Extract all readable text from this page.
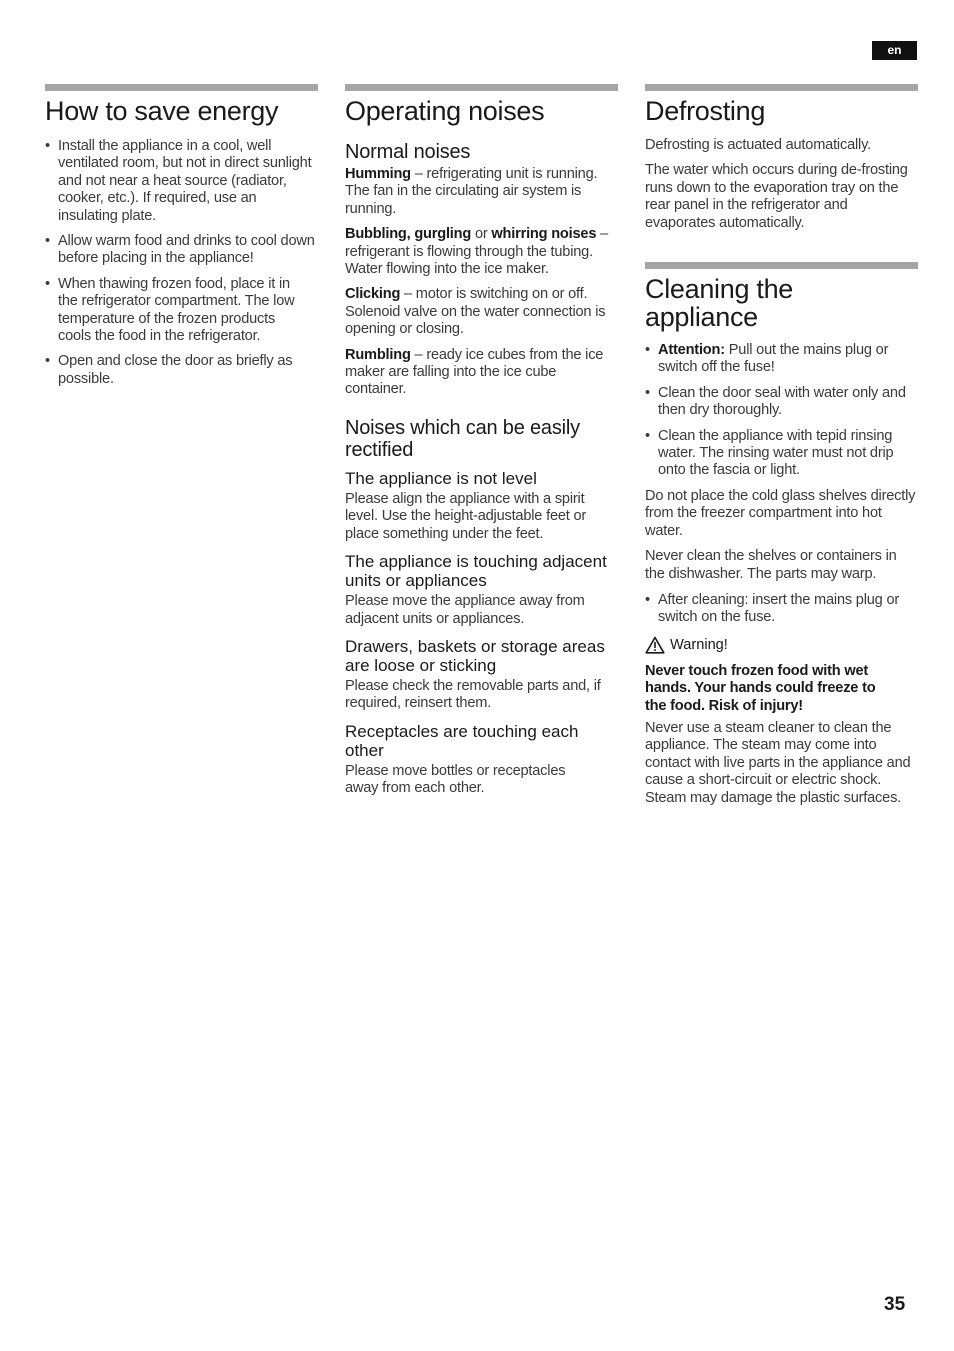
en
How to save energy
• Install the appliance in a cool, well ventilated room, but not in direct sunlight and not near a heat source (radiator, cooker, etc.). If required, use an insulating plate.
• Allow warm food and drinks to cool down before placing in the appliance!
• When thawing frozen food, place it in the refrigerator compartment. The low temperature of the frozen products cools the food in the refrigerator.
• Open and close the door as briefly as possible.
Operating noises
Normal noises

Humming – refrigerating unit is running. The fan in the circulating air system is running.

Bubbling, gurgling or whirring noises – refrigerant is flowing through the tubing. Water flowing into the ice maker.

Clicking – motor is switching on or off. Solenoid valve on the water connection is opening or closing.

Rumbling – ready ice cubes from the ice maker are falling into the ice cube container.

Noises which can be easily rectified
The appliance is not level

Please align the appliance with a spirit level. Use the height-adjustable feet or place something under the feet.

The appliance is touching adjacent units or appliances

Please move the appliance away from adjacent units or appliances.

Drawers, baskets or storage areas are loose or sticking

Please check the removable parts and, if required, reinsert them.

Receptacles are touching each other

Please move bottles or receptacles away from each other.

Defrosting

Defrosting is actuated automatically.

The water which occurs during de-frosting runs down to the evaporation tray on the rear panel in the refrigerator and evaporates automatically.

Cleaning the appliance
• Attention: Pull out the mains plug or switch off the fuse!
• Clean the door seal with water only and then dry thoroughly.
• Clean the appliance with tepid rinsing water. The rinsing water must not drip onto the fascia or light.

Do not place the cold glass shelves directly from the freezer compartment into hot water.

Never clean the shelves or containers in the dishwasher. The parts may warp.

• After cleaning: insert the mains plug or switch on the fuse.
Warning!

Never touch frozen food with wet hands. Your hands could freeze to the food. Risk of injury!

Never use a steam cleaner to clean the appliance. The steam may come into contact with live parts in the appliance and cause a short-circuit or electric shock. Steam may damage the plastic surfaces.

35
